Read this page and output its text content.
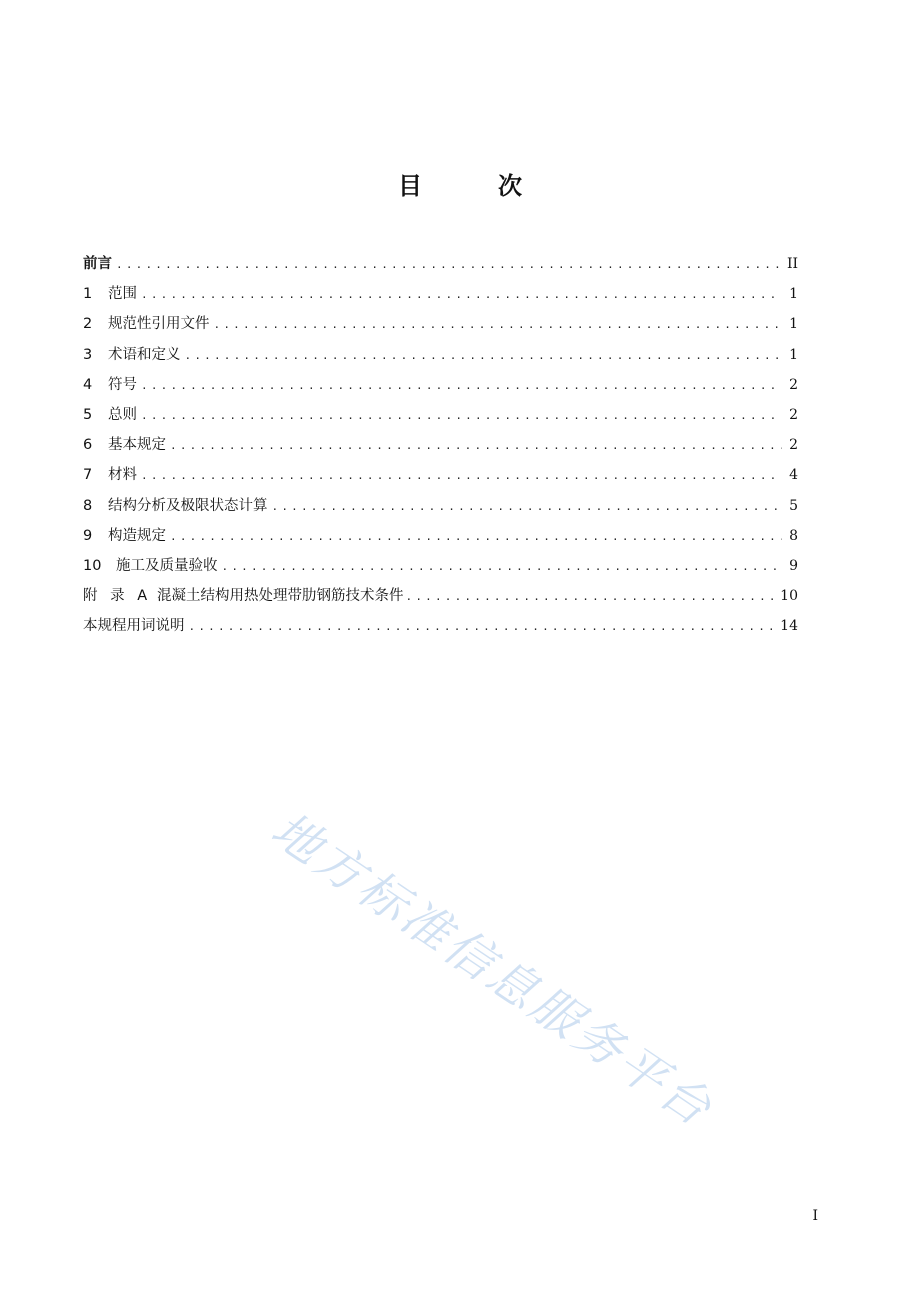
目　次
前言 .....	II
1	范围 .....	1
2	规范性引用文件 .....	1
3	术语和定义 .....	1
4	符号 .....	2
5	总则 .....	2
6	基本规定 .....	2
7	材料 .....	4
8	结构分析及极限状态计算 .....	5
9	构造规定 .....	8
10	施工及质量验收 .....	9
附 录 A 混凝土结构用热处理带肋钢筋技术条件 .....	10
本规程用词说明 .....	14
地方标准信息服务平台
I
